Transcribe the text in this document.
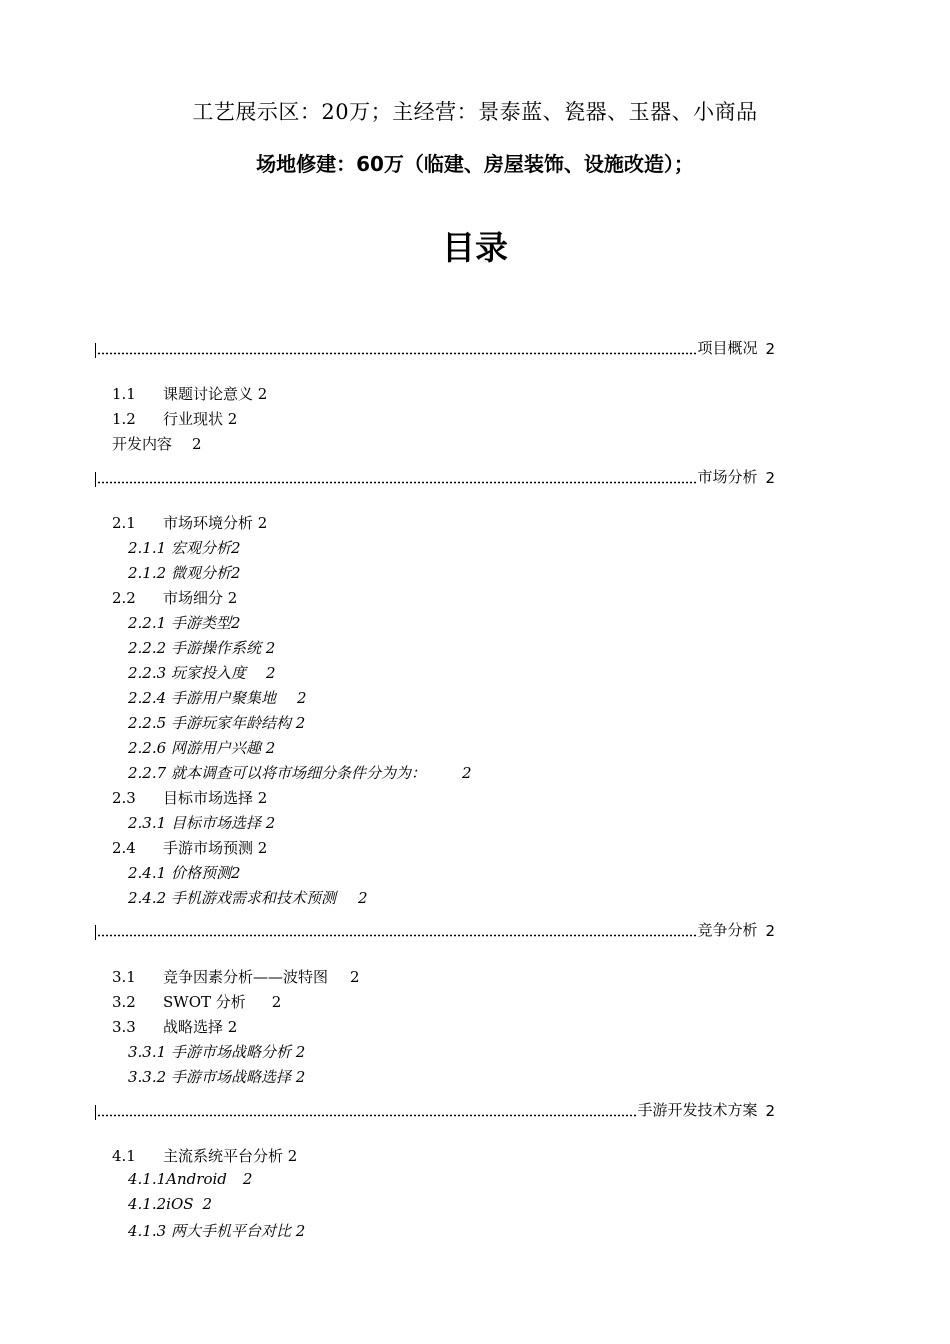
工艺展示区：20万；主经营：景泰蓝、瓷器、玉器、小商品
场地修建：60万（临建、房屋装饰、设施改造）；
目录
项目概况 2
1.1 课题讨论意义 2
1.2 行业现状 2
开发内容 2
市场分析 2
2.1 市场环境分析 2
2.1.1 宏观分析2
2.1.2 微观分析2
2.2 市场细分 2
2.2.1 手游类型2
2.2.2 手游操作系统 2
2.2.3 玩家投入度 2
2.2.4 手游用户聚集地 2
2.2.5 手游玩家年龄结构 2
2.2.6 网游用户兴趣 2
2.2.7 就本调查可以将市场细分条件分为为： 2
2.3 目标市场选择 2
2.3.1 目标市场选择 2
2.4 手游市场预测 2
2.4.1 价格预测2
2.4.2 手机游戏需求和技术预测 2
竞争分析 2
3.1 竞争因素分析——波特图 2
3.2 SWOT 分析 2
3.3 战略选择 2
3.3.1 手游市场战略分析 2
3.3.2 手游市场战略选择 2
手游开发技术方案 2
4.1 主流系统平台分析 2
4.1.1Android 2
4.1.2iOS 2
4.1.3 两大手机平台对比 2
